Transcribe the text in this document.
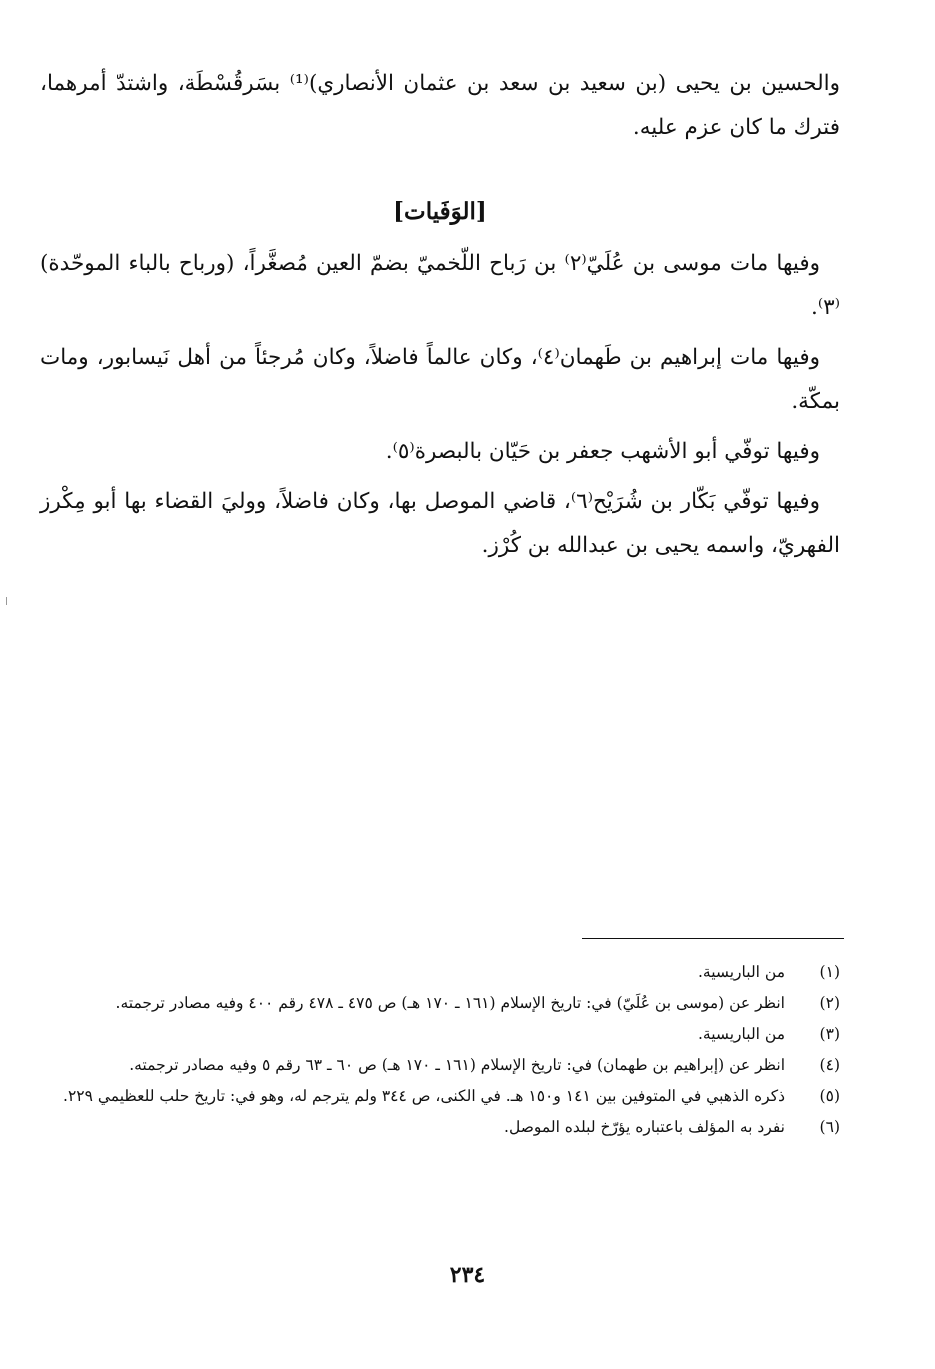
والحسين بن يحيى (بن سعيد بن سعد بن عثمان الأنصاري)⁽¹⁾ بسَرقُسْطَة، واشتدّ أمرهما، فترك ما كان عزم عليه.

[الوَفَيات]

وفيها مات موسى بن عُلَيّ⁽٢⁾ بن رَباح اللّخميّ بضمّ العين مُصغَّراً، (ورباح بالباء الموحّدة)⁽٣⁾.

وفيها مات إبراهيم بن طَهمان⁽٤⁾، وكان عالماً فاضلاً، وكان مُرجئاً من أهل نَيسابور، ومات بمكّة.

وفيها توفّي أبو الأشهب جعفر بن حَيّان بالبصرة⁽٥⁾.

وفيها توفّي بَكّار بن شُرَيْح⁽٦⁾، قاضي الموصل بها، وكان فاضلاً، ووليَ القضاء بها أبو مِكْرز الفهريّ، واسمه يحيى بن عبدالله بن كُرْز.

(١)
من الباريسية.
(٢)
انظر عن (موسى بن عُلَيّ) في: تاريخ الإسلام (١٦١ ـ ١٧٠ هـ) ص ٤٧٥ ـ ٤٧٨ رقم ٤٠٠ وفيه مصادر ترجمته.
(٣)
من الباريسية.
(٤)
انظر عن (إبراهيم بن طهمان) في: تاريخ الإسلام (١٦١ ـ ١٧٠ هـ) ص ٦٠ ـ ٦٣ رقم ٥ وفيه مصادر ترجمته.
(٥)
ذكره الذهبي في المتوفين بين ١٤١ و١٥٠ هـ. في الكنى، ص ٣٤٤ ولم يترجم له، وهو في: تاريخ حلب للعظيمي ٢٢٩.
(٦)
نفرد به المؤلف باعتباره يؤرّخ لبلده الموصل.
٢٣٤
